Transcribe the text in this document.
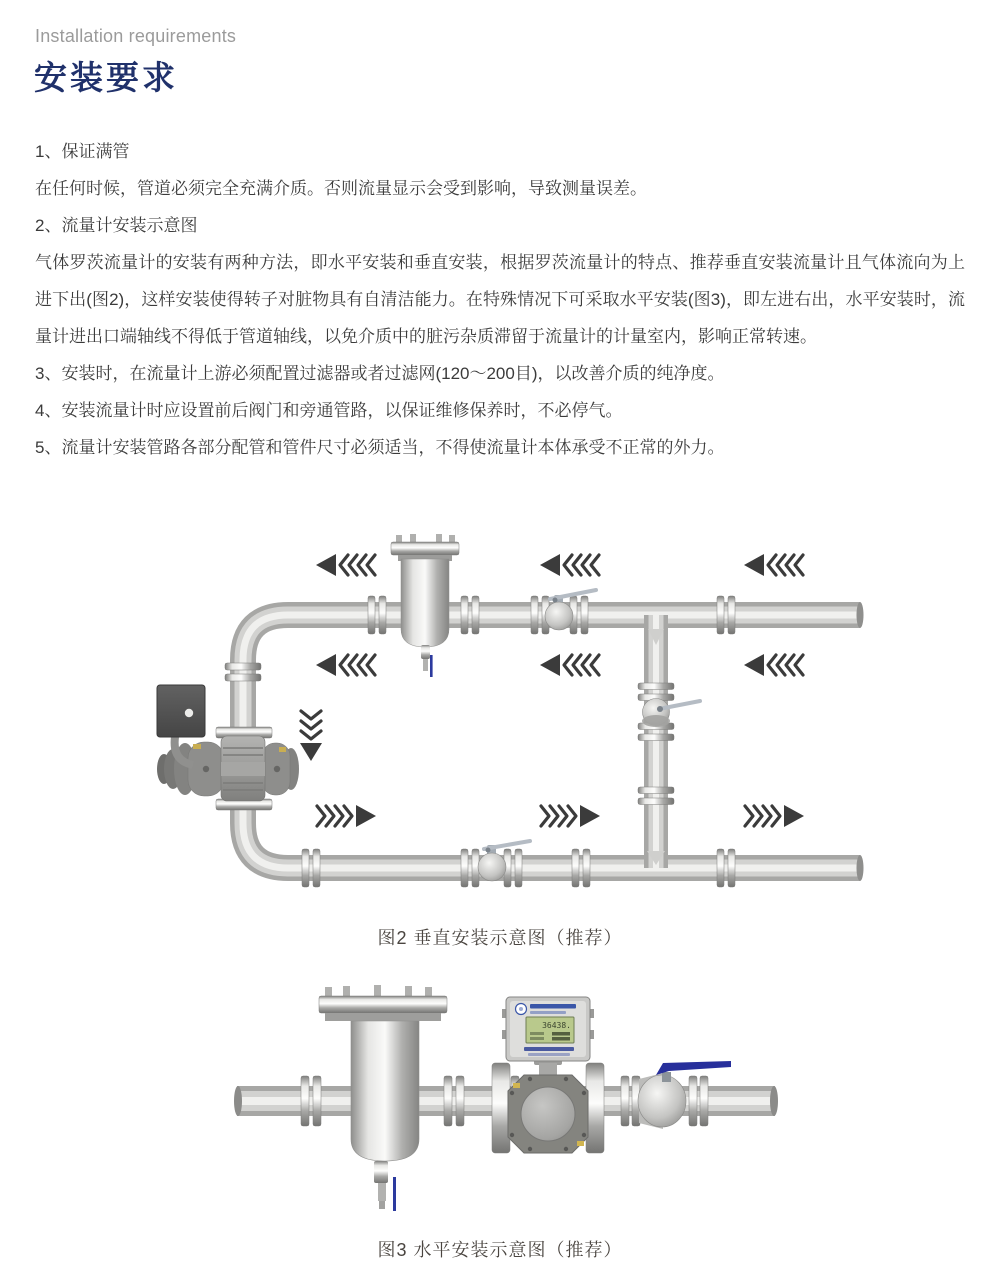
Installation requirements
安装要求

1、保证满管

在任何时候，管道必须完全充满介质。否则流量显示会受到影响，导致测量误差。

2、流量计安装示意图

气体罗茨流量计的安装有两种方法，即水平安装和垂直安装，根据罗茨流量计的特点、推荐垂直安装流量计且气体流向为上进下出(图2)，这样安装使得转子对脏物具有自清洁能力。在特殊情况下可采取水平安装(图3)，即左进右出，水平安装时，流量计进出口端轴线不得低于管道轴线，以免介质中的脏污杂质滞留于流量计的计量室内，影响正常转速。

3、安装时，在流量计上游必须配置过滤器或者过滤网(120～200目)，以改善介质的纯净度。

4、安装流量计时应设置前后阀门和旁通管路，以保证维修保养时，不必停气。

5、流量计安装管路各部分配管和管件尺寸必须适当，不得使流量计本体承受不正常的外力。

图2 垂直安装示意图（推荐）
36438.
图3 水平安装示意图（推荐）
